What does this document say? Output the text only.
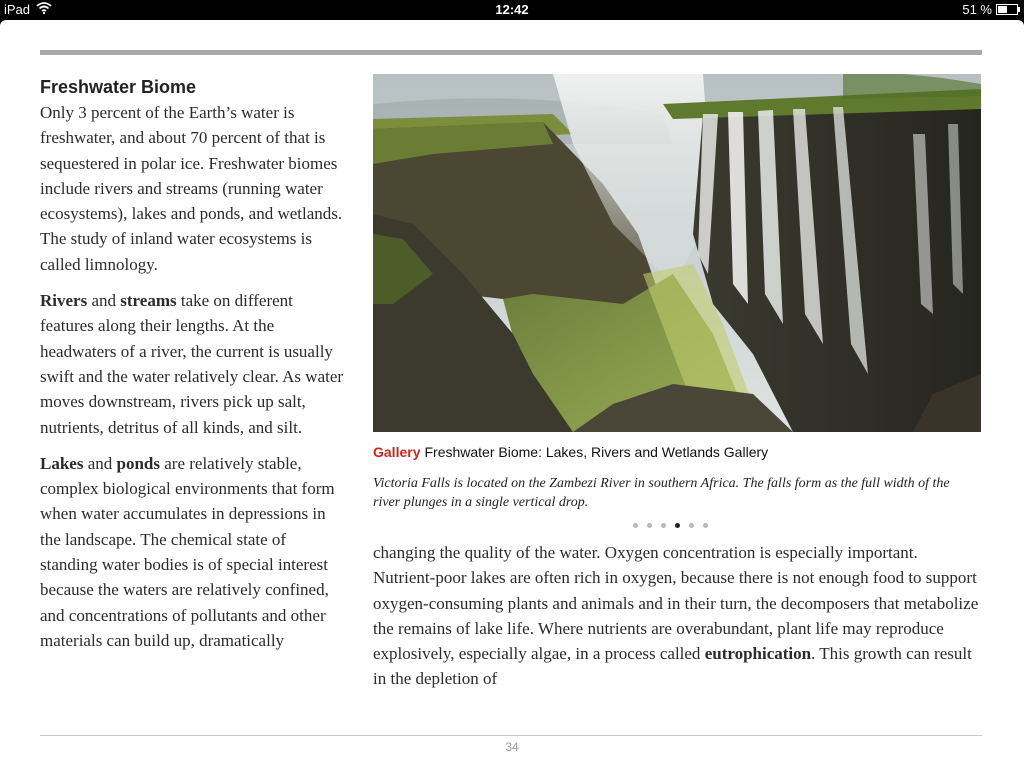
iPad	12:42	51 %
Freshwater Biome

Only 3 percent of the Earth’s water is freshwater, and about 70 percent of that is sequestered in polar ice. Freshwater biomes include rivers and streams (running water ecosystems), lakes and ponds, and wetlands. The study of inland water ecosystems is called limnology.

Rivers and streams take on different features along their lengths. At the headwaters of a river, the current is usually swift and the water relatively clear. As water moves downstream, rivers pick up salt, nutrients, detritus of all kinds, and silt.

Lakes and ponds are relatively stable, complex biological environments that form when water accumulates in depressions in the landscape. The chemical state of standing water bodies is of special interest because the waters are relatively confined, and concentrations of pollutants and other materials can build up, dramatically

Gallery Freshwater Biome: Lakes, Rivers and Wetlands Gallery
Victoria Falls is located on the Zambezi River in southern Africa. The falls form as the full width of the river plunges in a single vertical drop.

changing the quality of the water. Oxygen concentration is especially important. Nutrient-poor lakes are often rich in oxygen, because there is not enough food to support oxygen-consuming plants and animals and in their turn, the decomposers that metabolize the remains of lake life. Where nutrients are overabundant, plant life may reproduce explosively, especially algae, in a process called eutrophication. This growth can result in the depletion of

34
